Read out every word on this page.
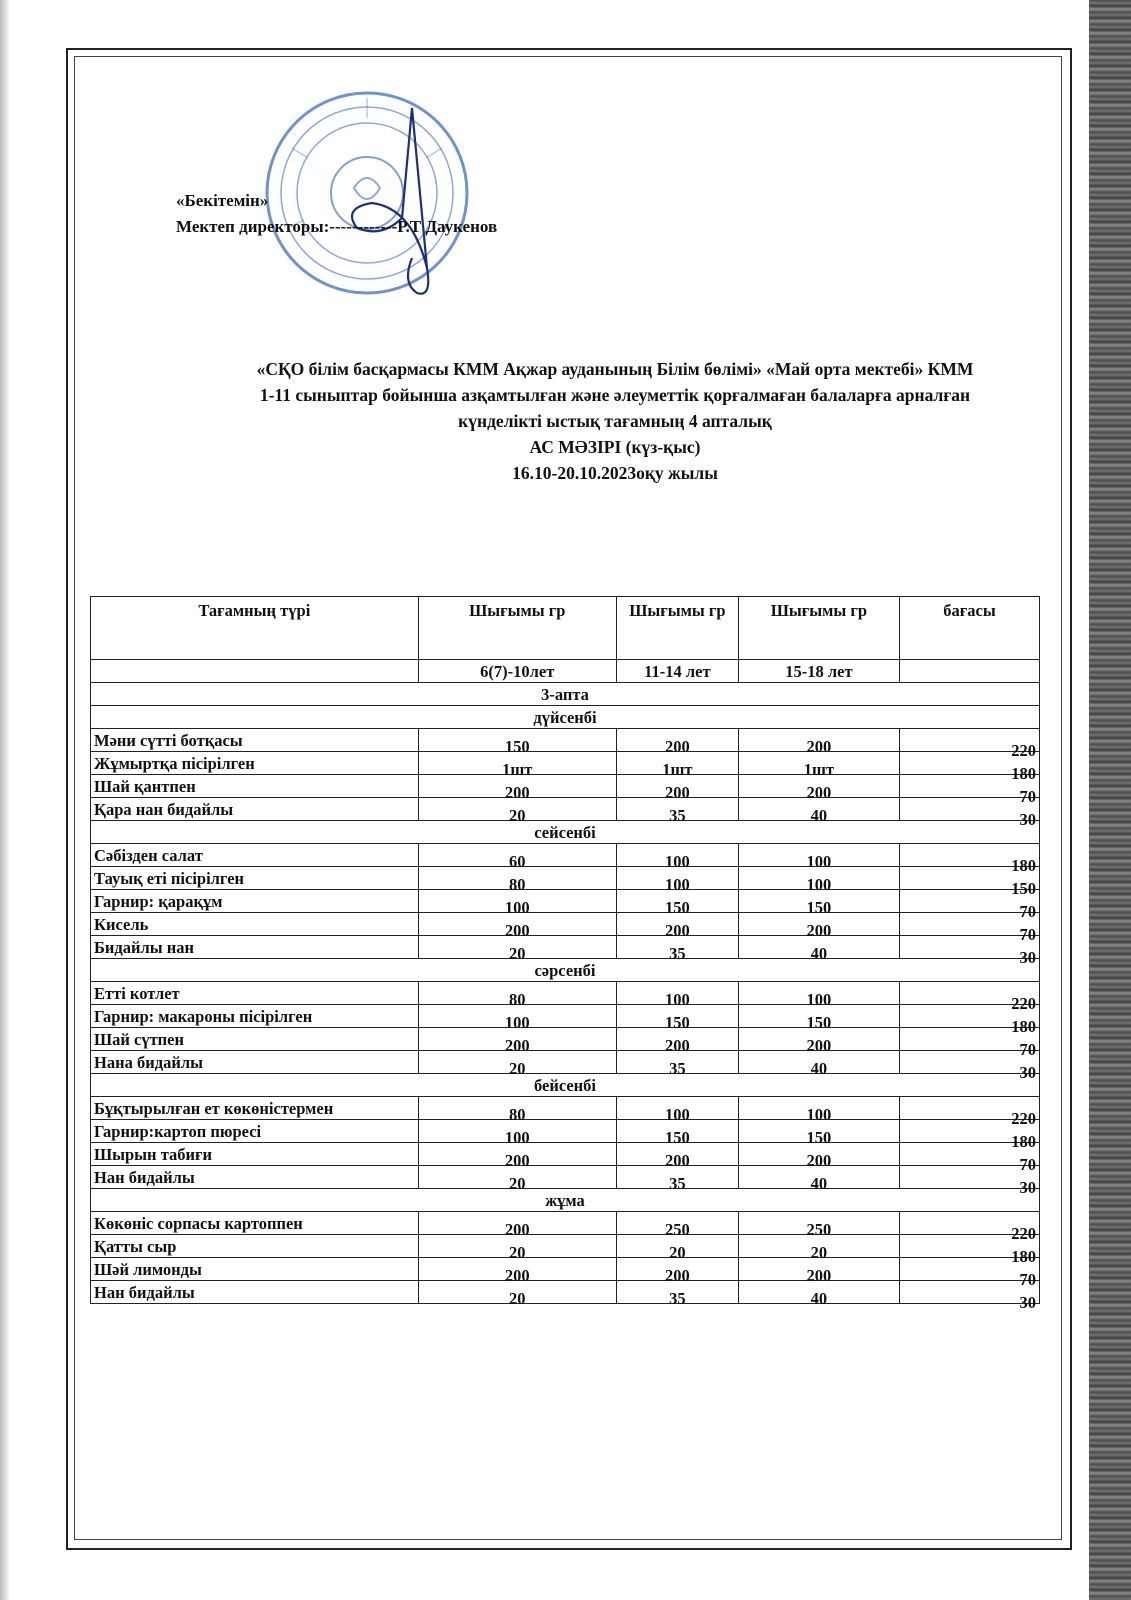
«Бекітемін»
Мектеп директоры:------------Р.Т Даукенов
«СҚО білім басқармасы КММ Ақжар ауданының Білім бөлімі» «Май орта мектебі» КММ
1-11 сыныптар бойынша азқамтылған және әлеуметтік қорғалмаған балаларға арналған
күнделікті ыстық тағамның 4 апталық
АС МӘЗІРІ (күз-қыс)
16.10-20.10.2023оқу жылы
Тағамның түрі	Шығымы гр	Шығымы гр	Шығымы гр	бағасы
	6(7)-10лет	11-14 лет	15-18 лет	
3-апта				
дүйсенбі				
Мәни сүтті ботқасы	150	200	200	220
Жұмыртқа пісірілген	1шт	1шт	1шт	180
Шай қантпен	200	200	200	70
Қара нан бидайлы	20	35	40	30
сейсенбі				
Сәбізден салат	60	100	100	180
Тауық еті пісірілген	80	100	100	150
Гарнир: қарақұм	100	150	150	70
Кисель	200	200	200	70
Бидайлы нан	20	35	40	30
сәрсенбі				
Етті котлет	80	100	100	220
Гарнир: макароны пісірілген	100	150	150	180
Шай сүтпен	200	200	200	70
Нана бидайлы	20	35	40	30
бейсенбі				
Бұқтырылған ет көкөністермен	80	100	100	220
Гарнир:картоп пюресі	100	150	150	180
Шырын табиғи	200	200	200	70
Нан бидайлы	20	35	40	30
жұма				
Көкөніс сорпасы картоппен	200	250	250	220
Қатты сыр	20	20	20	180
Шәй лимонды	200	200	200	70
Нан бидайлы	20	35	40	30
